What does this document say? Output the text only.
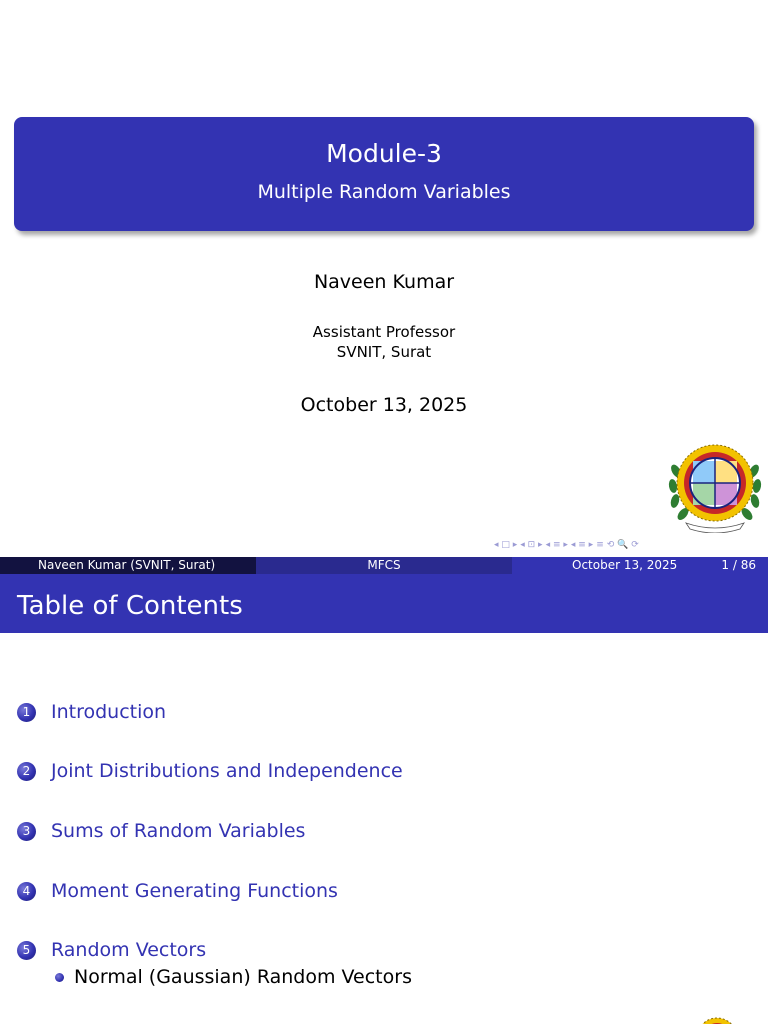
Module-3
Multiple Random Variables
Naveen Kumar
Assistant Professor
SVNIT, Surat
October 13, 2025
◂ □ ▸ ◂ ⊡ ▸ ◂ ≡ ▸ ◂ ≡ ▸ ≡ ⟲ 🔍 ⟳
Naveen Kumar (SVNIT, Surat)	MFCS	October 13, 2025	1 / 86
Table of Contents
1 Introduction
2 Joint Distributions and Independence
3 Sums of Random Variables
4 Moment Generating Functions
5 Random Vectors
Normal (Gaussian) Random Vectors
